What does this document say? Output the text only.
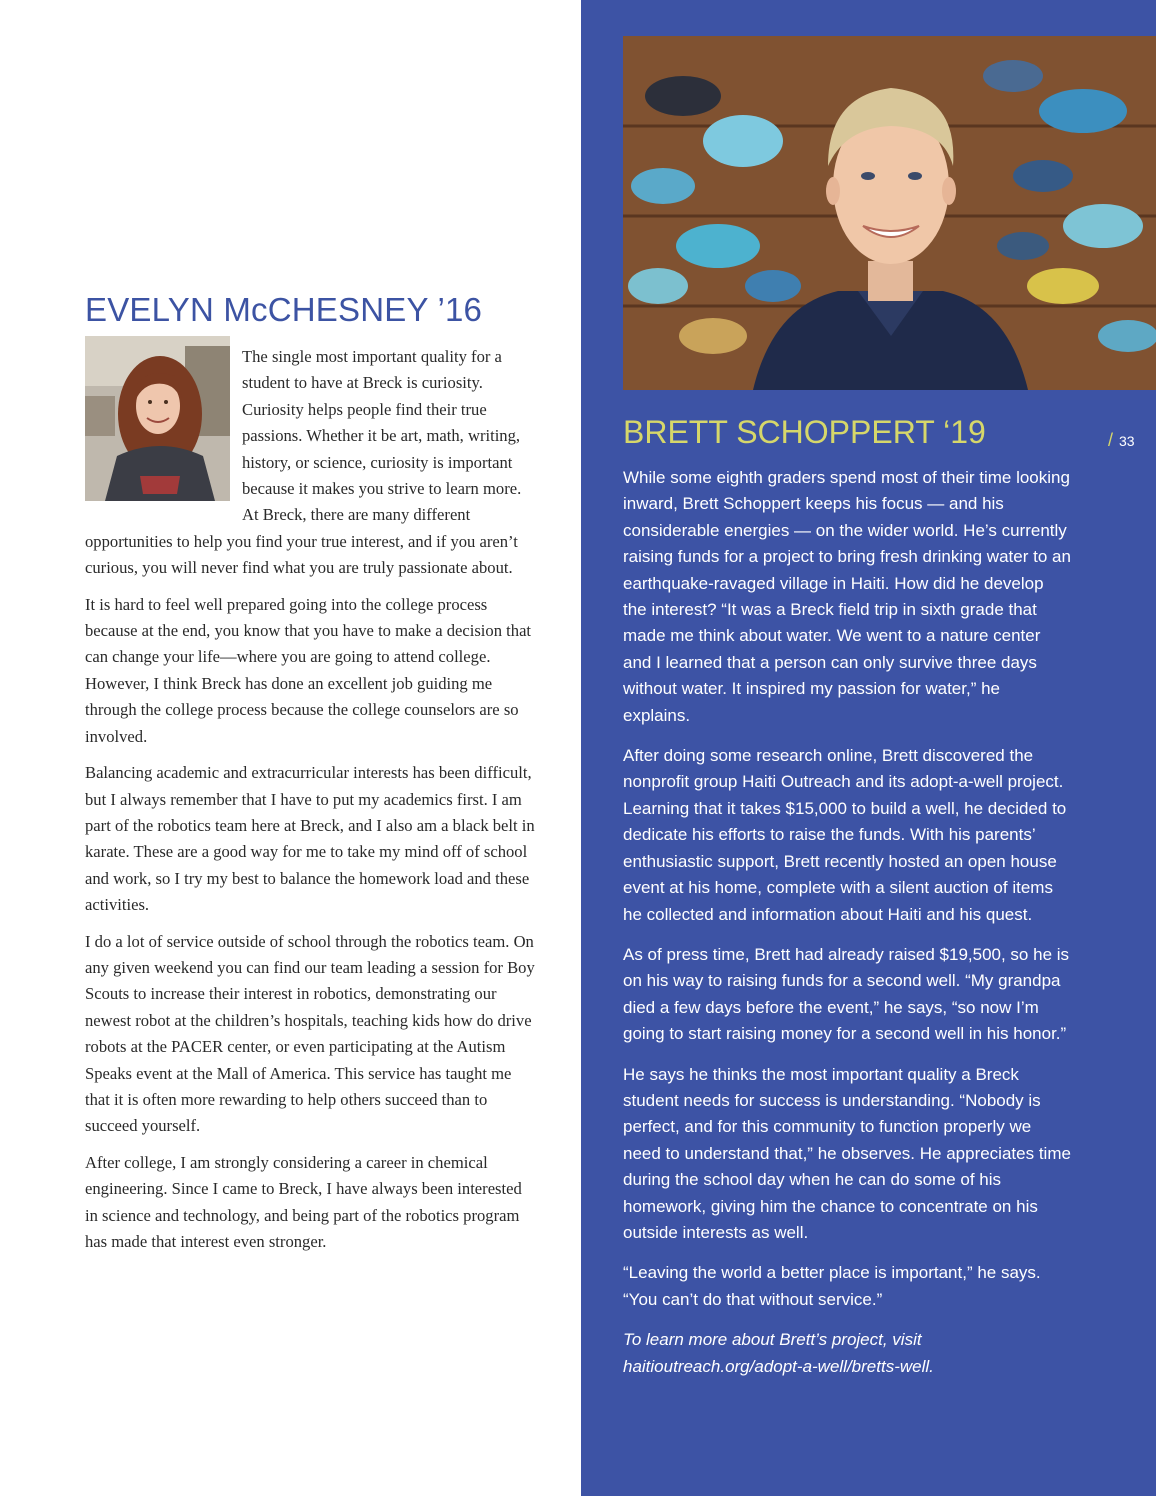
EVELYN McCHESNEY ’16

The single most important quality for a student to have at Breck is curiosity. Curiosity helps people find their true passions. Whether it be art, math, writing, history, or science, curiosity is important because it makes you strive to learn more. At Breck, there are many different opportunities to help you find your true interest, and if you aren’t curious, you will never find what you are truly passionate about.

It is hard to feel well prepared going into the college process because at the end, you know that you have to make a decision that can change your life—where you are going to attend college. However, I think Breck has done an excellent job guiding me through the college process because the college counselors are so involved.

Balancing academic and extracurricular interests has been difficult, but I always remember that I have to put my academics first. I am part of the robotics team here at Breck, and I also am a black belt in karate. These are a good way for me to take my mind off of school and work, so I try my best to balance the homework load and these activities.

I do a lot of service outside of school through the robotics team. On any given weekend you can find our team leading a session for Boy Scouts to increase their interest in robotics, demonstrating our newest robot at the children’s hospitals, teaching kids how do drive robots at the PACER center, or even participating at the Autism Speaks event at the Mall of America. This service has taught me that it is often more rewarding to help others succeed than to succeed yourself.

After college, I am strongly considering a career in chemical engineering. Since I came to Breck, I have always been interested in science and technology, and being part of the robotics program has made that interest even stronger.

BRETT SCHOPPERT ‘19	/ 33

While some eighth graders spend most of their time looking inward, Brett Schoppert keeps his focus — and his considerable energies — on the wider world. He’s currently raising funds for a project to bring fresh drinking water to an earthquake-ravaged village in Haiti. How did he develop the interest? “It was a Breck field trip in sixth grade that made me think about water. We went to a nature center and I learned that a person can only survive three days without water. It inspired my passion for water,” he explains.

After doing some research online, Brett discovered the nonprofit group Haiti Outreach and its adopt-a-well project. Learning that it takes $15,000 to build a well, he decided to dedicate his efforts to raise the funds. With his parents’ enthusiastic support, Brett recently hosted an open house event at his home, complete with a silent auction of items he collected and information about Haiti and his quest.

As of press time, Brett had already raised $19,500, so he is on his way to raising funds for a second well. “My grandpa died a few days before the event,” he says, “so now I’m going to start raising money for a second well in his honor.”

He says he thinks the most important quality a Breck student needs for success is understanding. “Nobody is perfect, and for this community to function properly we need to understand that,” he observes. He appreciates time during the school day when he can do some of his homework, giving him the chance to concentrate on his outside interests as well.

“Leaving the world a better place is important,” he says. “You can’t do that without service.”

To learn more about Brett’s project, visit haitioutreach.org/adopt-a-well/bretts-well.
